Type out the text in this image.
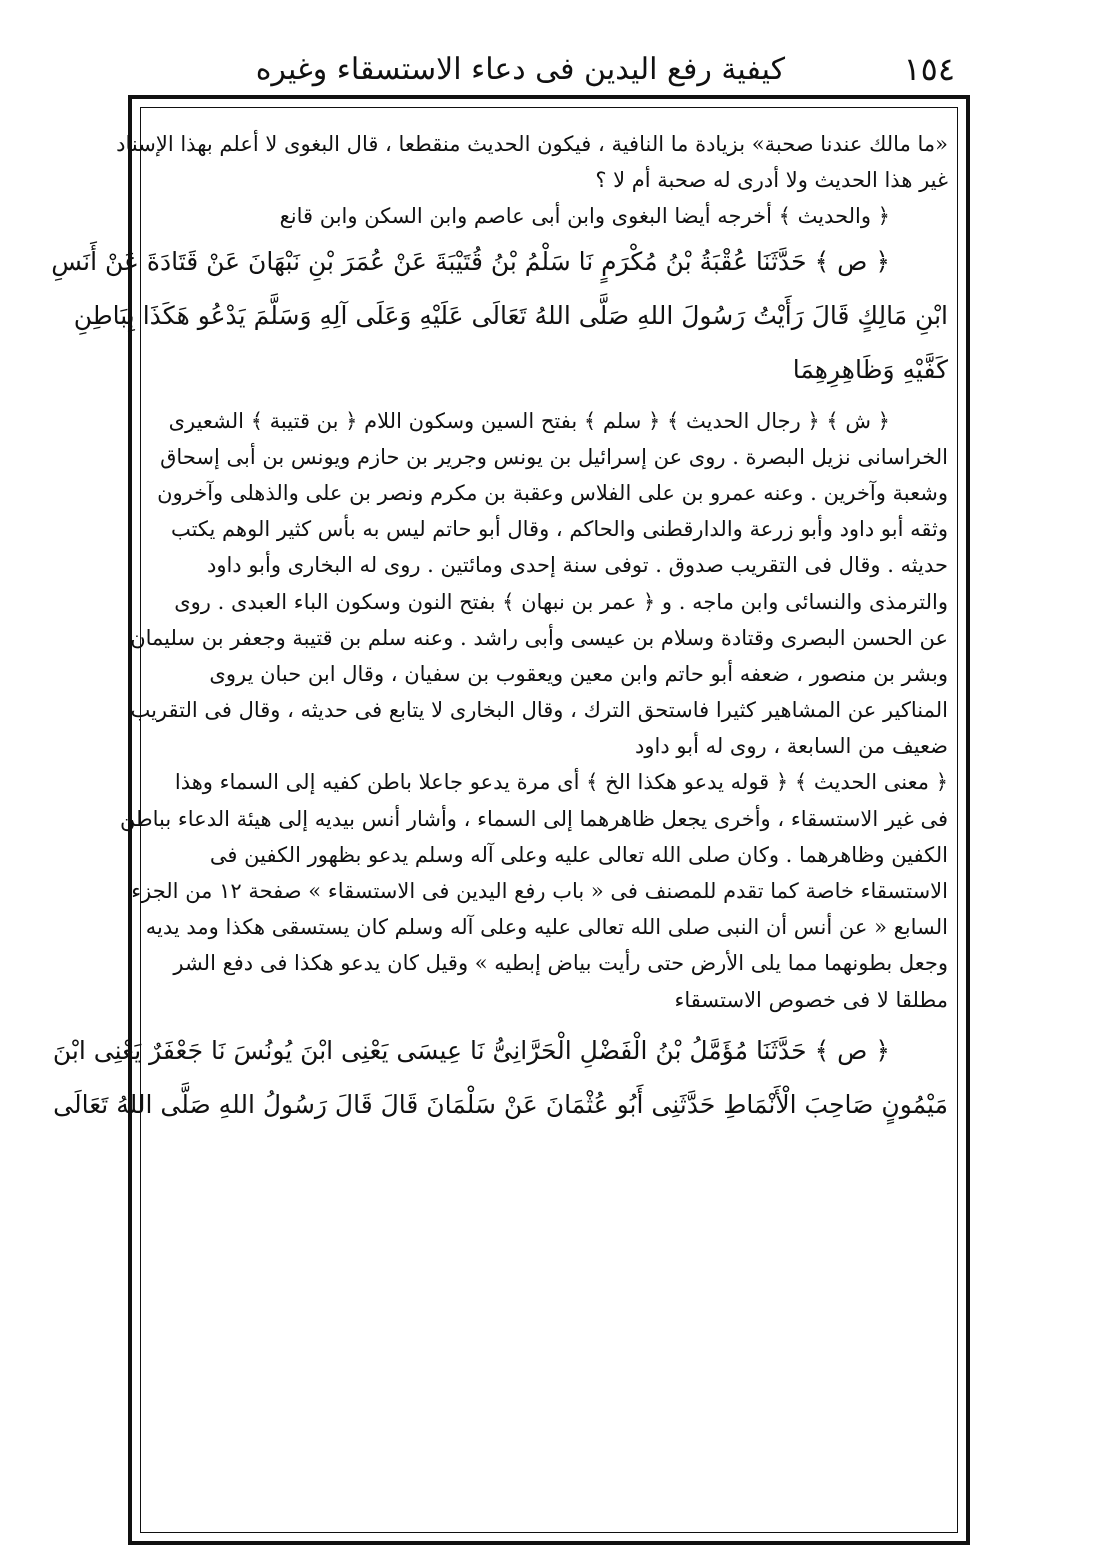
كيفية رفع اليدين فى دعاء الاستسقاء وغيره	١٥٤
«ما مالك عندنا صحبة» بزيادة ما النافية ، فيكون الحديث منقطعا ، قال البغوى لا أعلم بهذا الإسناد
غير هذا الحديث ولا أدرى له صحبة أم لا ؟
﴿ والحديث ﴾ أخرجه أيضا البغوى وابن أبى عاصم وابن السكن وابن قانع
﴿ ص ﴾ حَدَّثَنَا عُقْبَةُ بْنُ مُكْرَمٍ نَا سَلْمُ بْنُ قُتَيْبَةَ عَنْ عُمَرَ بْنِ نَبْهَانَ عَنْ قَتَادَةَ عَنْ أَنَسِ
ابْنِ مَالِكٍ قَالَ رَأَيْتُ رَسُولَ اللهِ صَلَّى اللهُ تَعَالَى عَلَيْهِ وَعَلَى آلِهِ وَسَلَّمَ يَدْعُو هَكَذَا بِبَاطِنِ
كَفَّيْهِ وَظَاهِرِهِمَا
﴿ ش ﴾ ﴿ رجال الحديث ﴾ ﴿ سلم ﴾ بفتح السين وسكون اللام ﴿ بن قتيبة ﴾ الشعيرى
الخراسانى نزيل البصرة . روى عن إسرائيل بن يونس وجرير بن حازم ويونس بن أبى إسحاق
وشعبة وآخرين . وعنه عمرو بن على الفلاس وعقبة بن مكرم ونصر بن على والذهلى وآخرون
وثقه أبو داود وأبو زرعة والدارقطنى والحاكم ، وقال أبو حاتم ليس به بأس كثير الوهم يكتب
حديثه . وقال فى التقريب صدوق . توفى سنة إحدى ومائتين . روى له البخارى وأبو داود
والترمذى والنسائى وابن ماجه . و ﴿ عمر بن نبهان ﴾ بفتح النون وسكون الباء العبدى . روى
عن الحسن البصرى وقتادة وسلام بن عيسى وأبى راشد . وعنه سلم بن قتيبة وجعفر بن سليمان
وبشر بن منصور ، ضعفه أبو حاتم وابن معين ويعقوب بن سفيان ، وقال ابن حبان يروى
المناكير عن المشاهير كثيرا فاستحق الترك ، وقال البخارى لا يتابع فى حديثه ، وقال فى التقريب
ضعيف من السابعة ، روى له أبو داود
﴿ معنى الحديث ﴾ ﴿ قوله يدعو هكذا الخ ﴾ أى مرة يدعو جاعلا باطن كفيه إلى السماء وهذا
فى غير الاستسقاء ، وأخرى يجعل ظاهرهما إلى السماء ، وأشار أنس بيديه إلى هيئة الدعاء بباطن
الكفين وظاهرهما . وكان صلى الله تعالى عليه وعلى آله وسلم يدعو بظهور الكفين فى
الاستسقاء خاصة كما تقدم للمصنف فى « باب رفع اليدين فى الاستسقاء » صفحة ١٢ من الجزء
السابع « عن أنس أن النبى صلى الله تعالى عليه وعلى آله وسلم كان يستسقى هكذا ومد يديه
وجعل بطونهما مما يلى الأرض حتى رأيت بياض إبطيه » وقيل كان يدعو هكذا فى دفع الشر
مطلقا لا فى خصوص الاستسقاء
﴿ ص ﴾ حَدَّثَنَا مُؤَمَّلُ بْنُ الْفَضْلِ الْحَرَّانِىُّ نَا عِيسَى يَعْنِى ابْنَ يُونُسَ نَا جَعْفَرٌ يَعْنِى ابْنَ
مَيْمُونٍ صَاحِبَ الْأَنْمَاطِ حَدَّثَنِى أَبُو عُثْمَانَ عَنْ سَلْمَانَ قَالَ قَالَ رَسُولُ اللهِ صَلَّى اللهُ تَعَالَى
